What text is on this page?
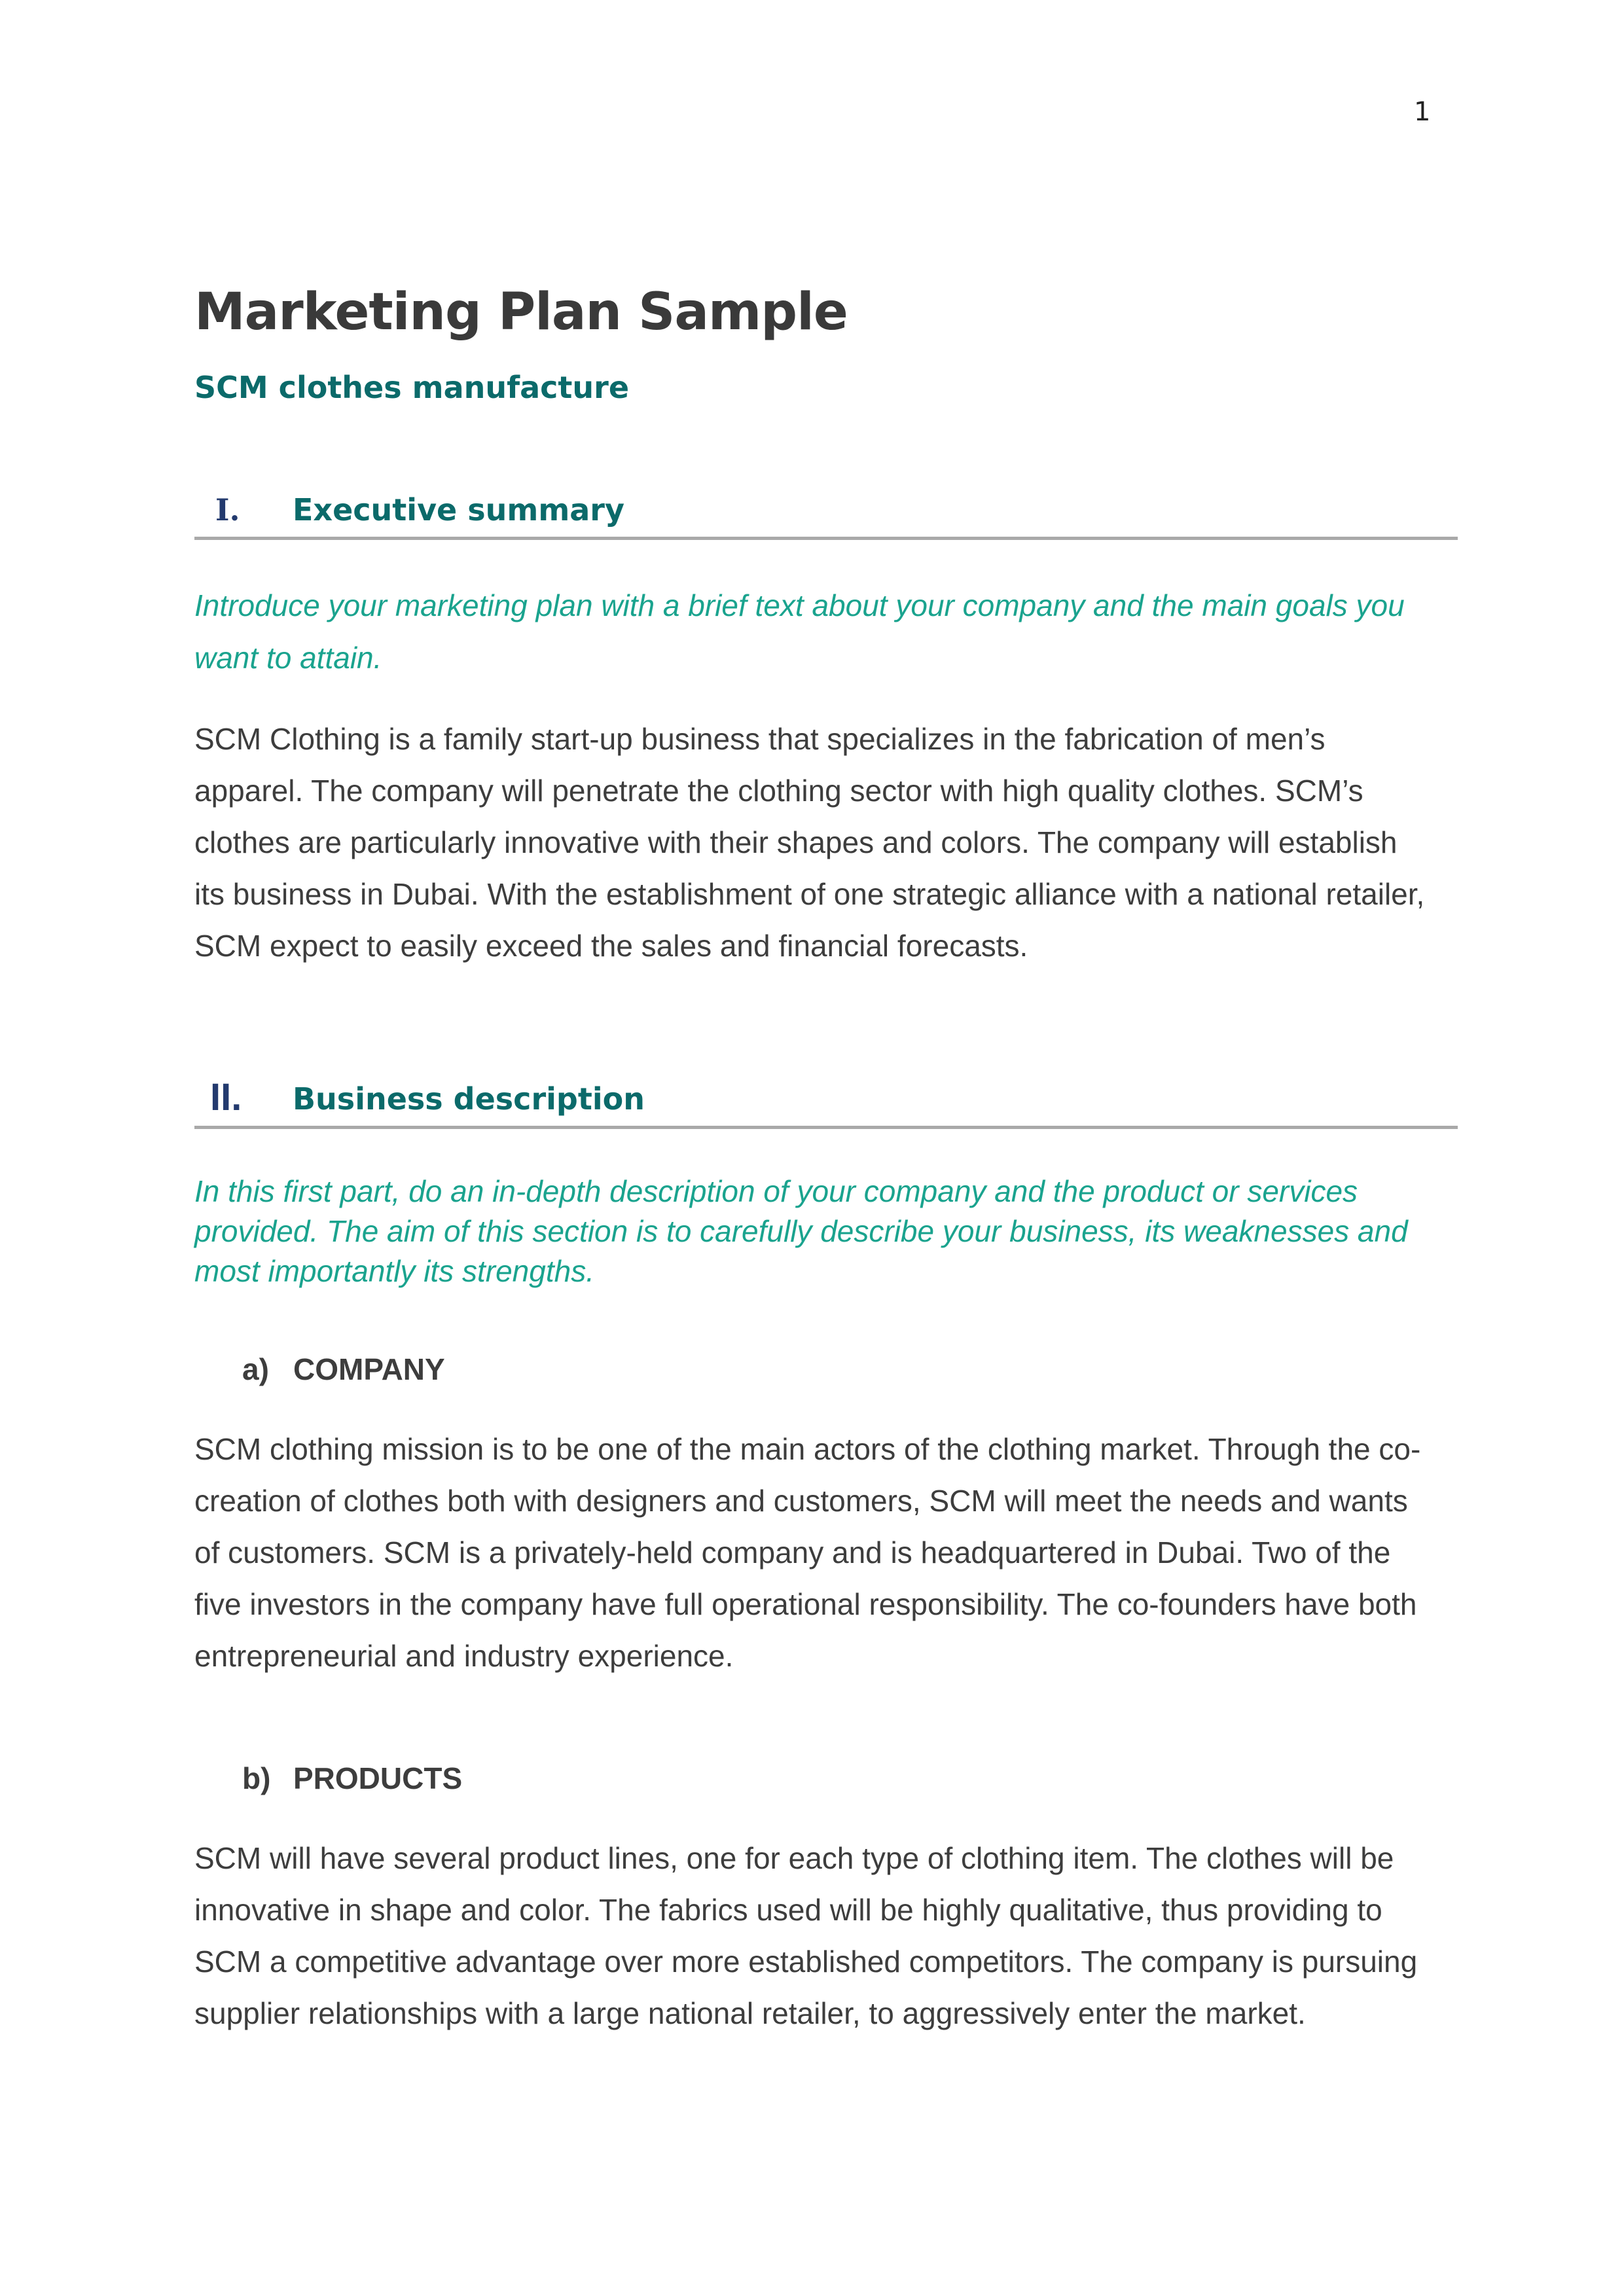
1
Marketing Plan Sample
SCM clothes manufacture
I. Executive summary
Introduce your marketing plan with a brief text about your company and the main goals you
want to attain.
SCM Clothing is a family start-up business that specializes in the fabrication of men’s
apparel. The company will penetrate the clothing sector with high quality clothes. SCM’s
clothes are particularly innovative with their shapes and colors. The company will establish
its business in Dubai. With the establishment of one strategic alliance with a national retailer,
SCM expect to easily exceed the sales and financial forecasts.
II. Business description
In this first part, do an in-depth description of your company and the product or services
provided. The aim of this section is to carefully describe your business, its weaknesses and
most importantly its strengths.
a) COMPANY
SCM clothing mission is to be one of the main actors of the clothing market. Through the co-
creation of clothes both with designers and customers, SCM will meet the needs and wants
of customers. SCM is a privately-held company and is headquartered in Dubai. Two of the
five investors in the company have full operational responsibility. The co-founders have both
entrepreneurial and industry experience.
b) PRODUCTS
SCM will have several product lines, one for each type of clothing item. The clothes will be
innovative in shape and color. The fabrics used will be highly qualitative, thus providing to
SCM a competitive advantage over more established competitors. The company is pursuing
supplier relationships with a large national retailer, to aggressively enter the market.
